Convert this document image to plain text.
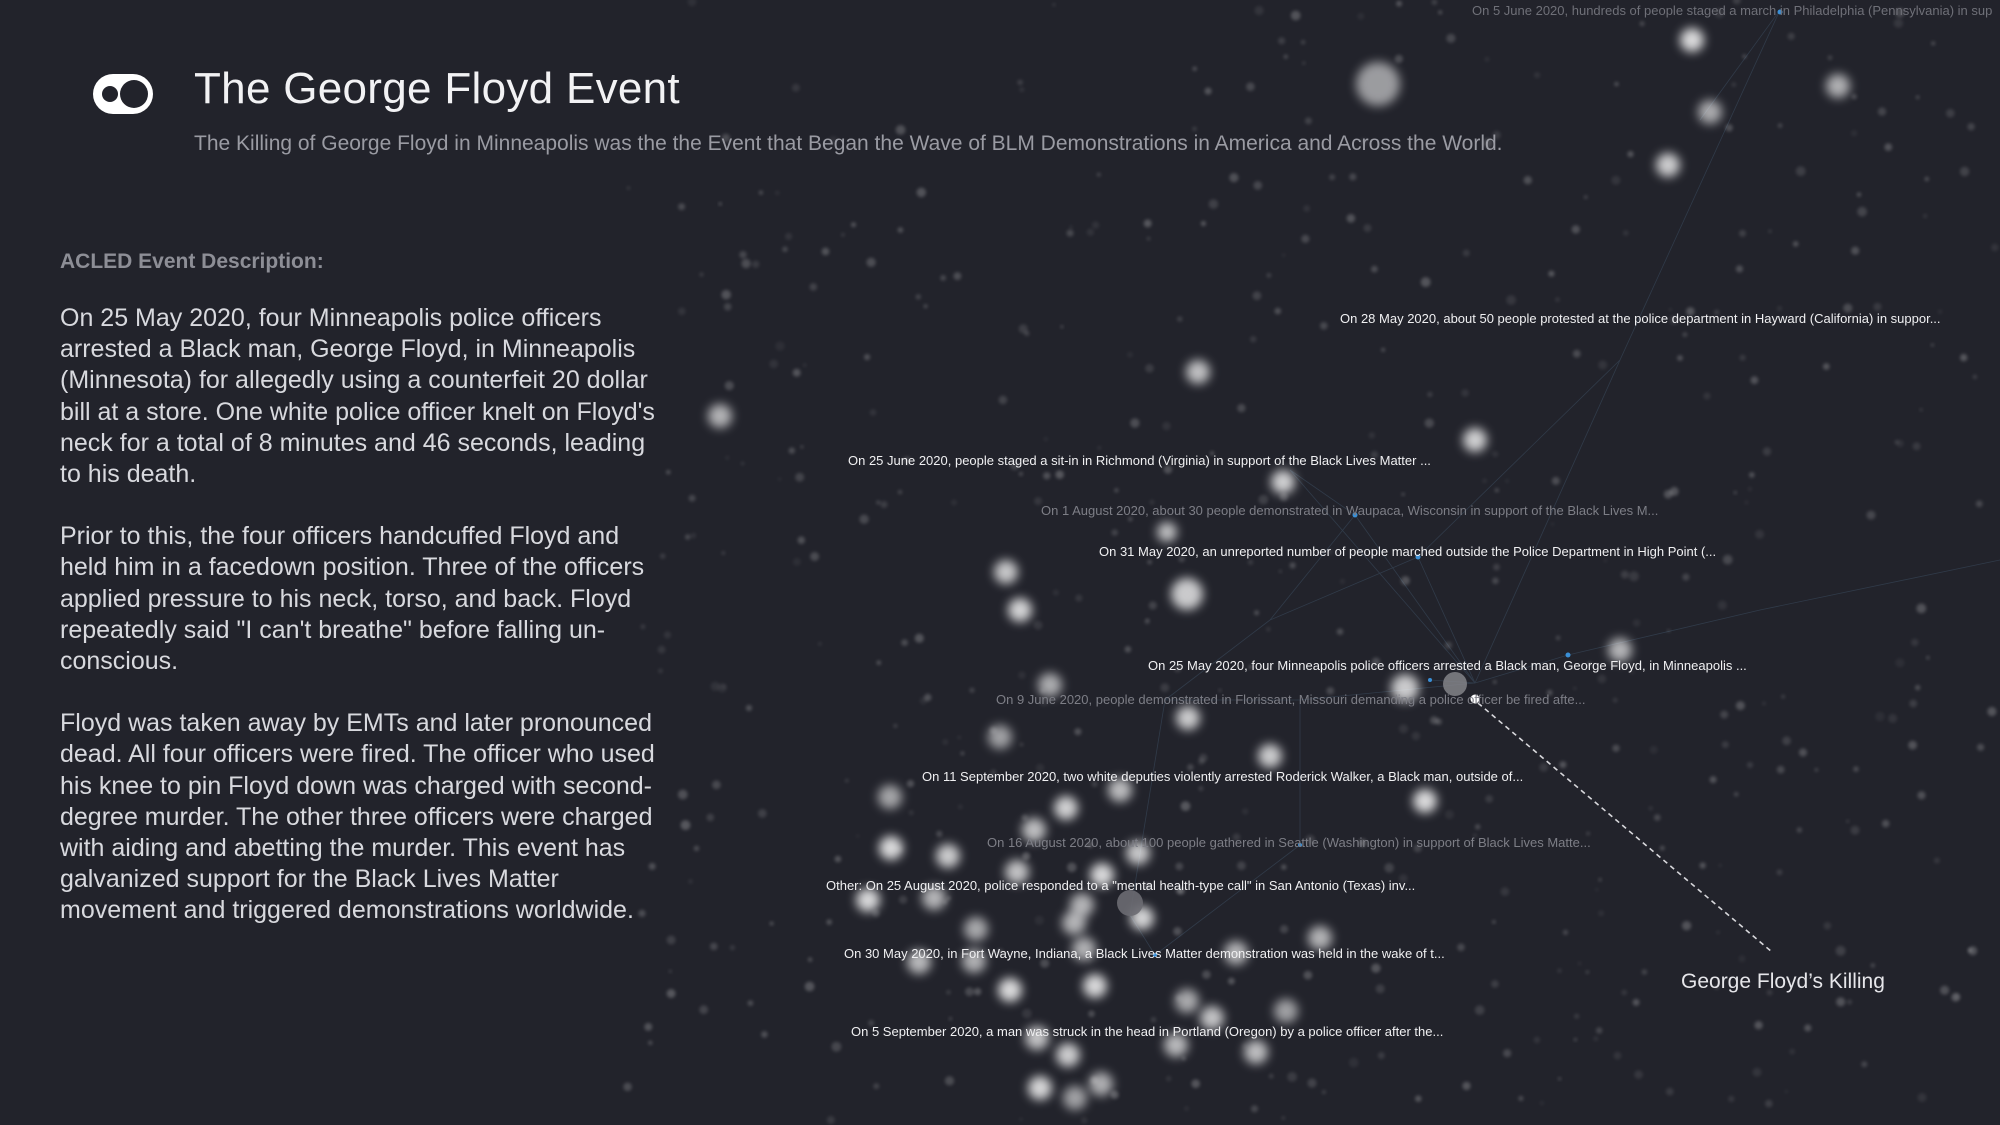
The George Floyd Event
The Killing of George Floyd in Minneapolis was the the Event that Began the Wave of BLM Demonstrations in America and Across the World.
ACLED Event Description:

On 25 May 2020, four Minneapolis police officers arrested a Black man, George Floyd, in Minneapolis (Minnesota) for allegedly using a counterfeit 20 dollar bill at a store. One white police officer knelt on Floyd's neck for a total of 8 minutes and 46 seconds, leading to his death.

Prior to this, the four officers handcuffed Floyd and held him in a facedown position. Three of the officers applied pressure to his neck, torso, and back. Floyd repeatedly said "I can't breathe" before falling un-conscious.

Floyd was taken away by EMTs and later pronounced dead. All four officers were fired. The officer who used his knee to pin Floyd down was charged with second-degree murder. The other three officers were charged with aiding and abetting the murder. This event has galvanized support for the Black Lives Matter movement and triggered demonstrations worldwide.

On 5 June 2020, hundreds of people staged a march in Philadelphia (Pennsylvania) in sup
On 28 May 2020, about 50 people protested at the police department in Hayward (California) in suppor...
On 25 June 2020, people staged a sit-in in Richmond (Virginia) in support of the Black Lives Matter ...
On 1 August 2020, about 30 people demonstrated in Waupaca, Wisconsin in support of the Black Lives M...
On 31 May 2020, an unreported number of people marched outside the Police Department in High Point (...
On 25 May 2020, four Minneapolis police officers arrested a Black man, George Floyd, in Minneapolis ...
On 9 June 2020, people demonstrated in Florissant, Missouri demanding a police officer be fired afte...
On 11 September 2020, two white deputies violently arrested Roderick Walker, a Black man, outside of...
On 16 August 2020, about 100 people gathered in Seattle (Washington) in support of Black Lives Matte...
Other: On 25 August 2020, police responded to a "mental health-type call" in San Antonio (Texas) inv...
On 30 May 2020, in Fort Wayne, Indiana, a Black Lives Matter demonstration was held in the wake of t...
On 5 September 2020, a man was struck in the head in Portland (Oregon) by a police officer after the...
George Floyd’s Killing
